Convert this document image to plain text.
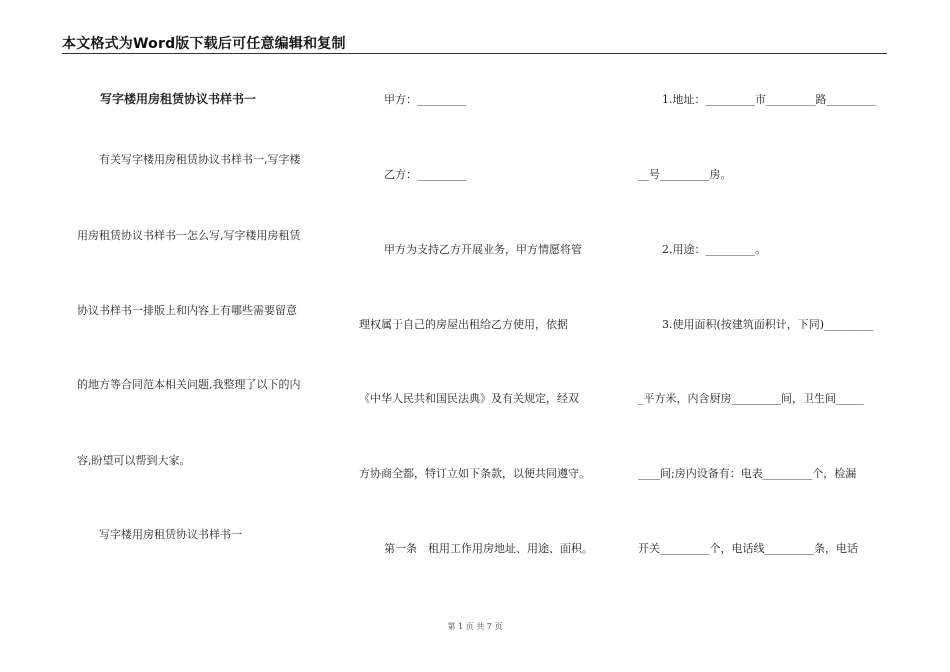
本文格式为Word版下载后可任意编辑和复制
写字楼用房租赁协议书样书一
有关写字楼用房租赁协议书样书一,写字楼
用房租赁协议书样书一怎么写,写字楼用房租赁
协议书样书一排版上和内容上有哪些需要留意
的地方等合同范本相关问题,我整理了以下的内
容,盼望可以帮到大家。
写字楼用房租赁协议书样书一
甲方：_________
乙方：_________
甲方为支持乙方开展业务，甲方情愿将管
理权属于自己的房屋出租给乙方使用，依据
《中华人民共和国民法典》及有关规定，经双
方协商全都，特订立如下条款，以便共同遵守。
第一条　租用工作用房地址、用途、面积。
1.地址：_________市_________路_________
__号_________房。
2.用途：_________。
3.使用面积(按建筑面积计，下同)_________
_平方米，内含厨房_________间，卫生间_____
____间;房内设备有：电表_________个，检漏
开关_________个，电话线_________条，电话
第 1 页 共 7 页
